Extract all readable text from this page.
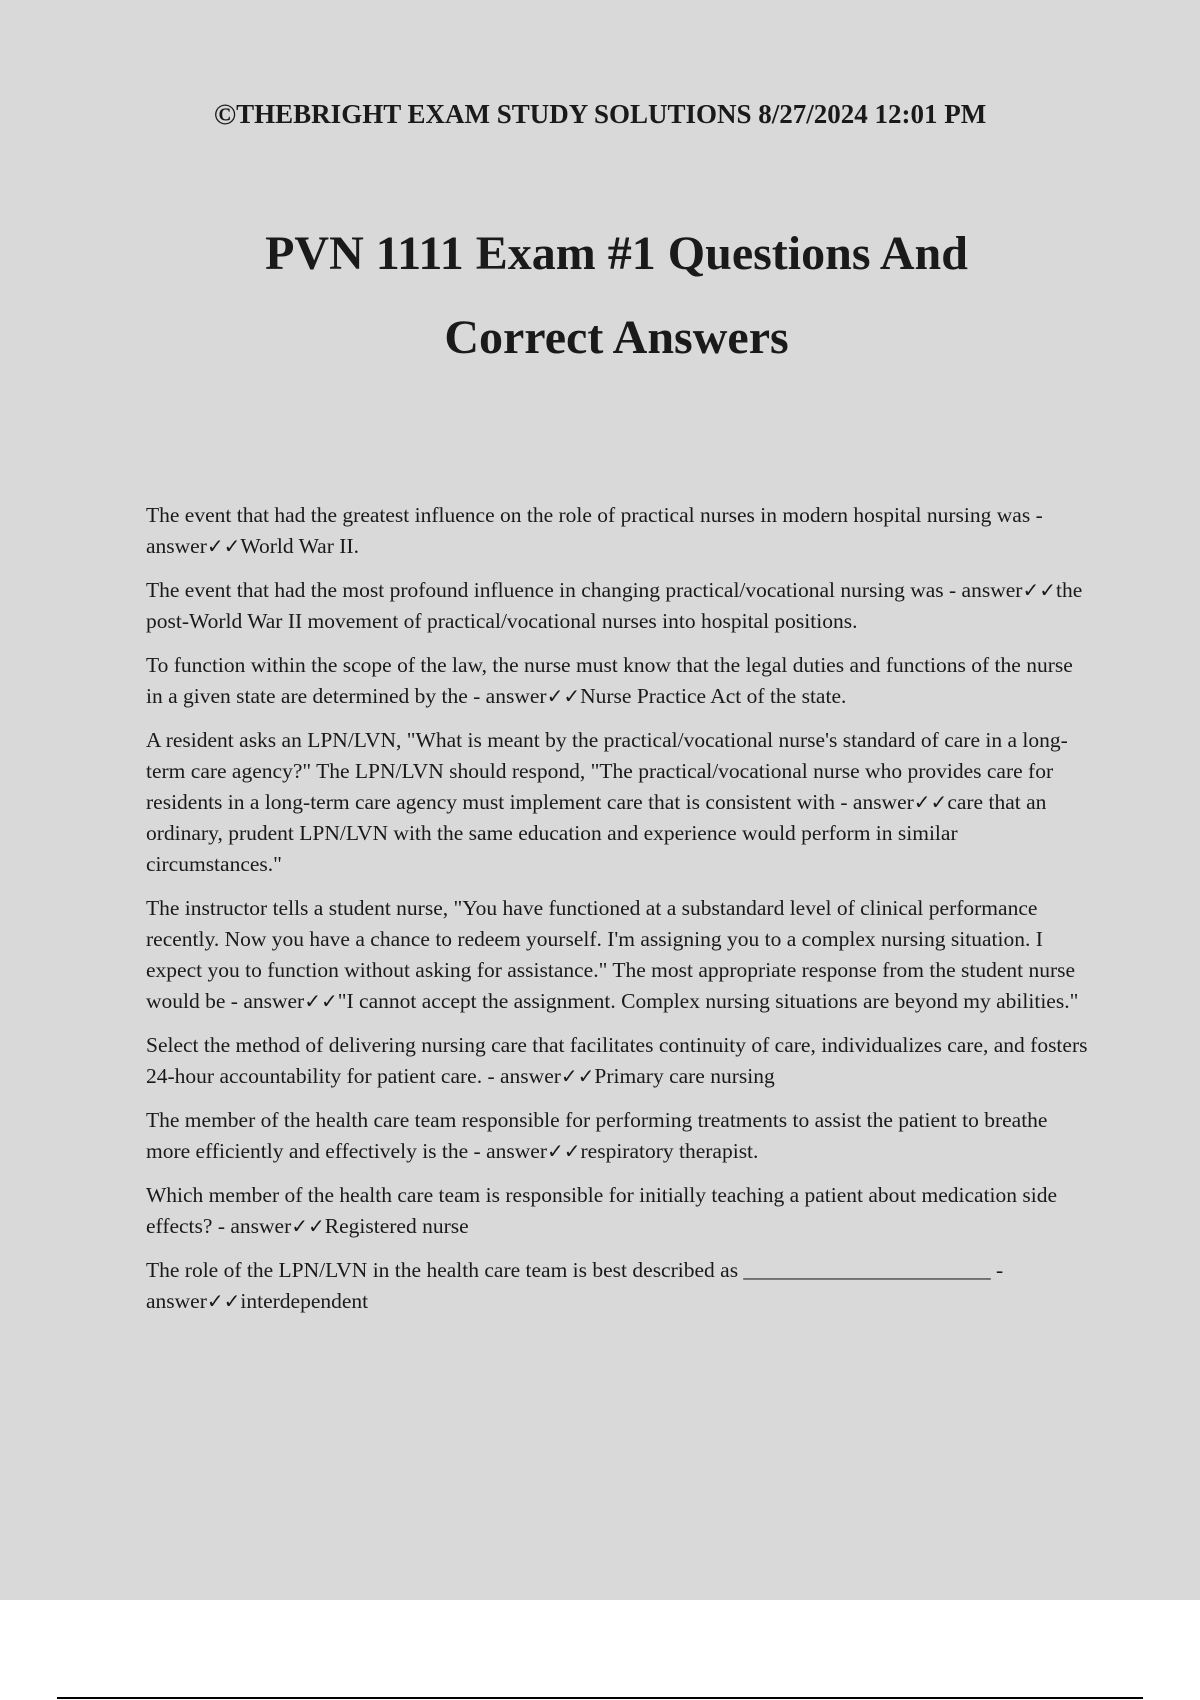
©THEBRIGHT EXAM STUDY SOLUTIONS 8/27/2024 12:01 PM
PVN 1111 Exam #1 Questions And
Correct Answers

The event that had the greatest influence on the role of practical nurses in modern hospital nursing was - answer✓✓World War II.

The event that had the most profound influence in changing practical/vocational nursing was - answer✓✓the post-World War II movement of practical/vocational nurses into hospital positions.

To function within the scope of the law, the nurse must know that the legal duties and functions of the nurse in a given state are determined by the - answer✓✓Nurse Practice Act of the state.

A resident asks an LPN/LVN, "What is meant by the practical/vocational nurse's standard of care in a long-term care agency?" The LPN/LVN should respond, "The practical/vocational nurse who provides care for residents in a long-term care agency must implement care that is consistent with - answer✓✓care that an ordinary, prudent LPN/LVN with the same education and experience would perform in similar circumstances."

The instructor tells a student nurse, "You have functioned at a substandard level of clinical performance recently. Now you have a chance to redeem yourself. I'm assigning you to a complex nursing situation. I expect you to function without asking for assistance." The most appropriate response from the student nurse would be - answer✓✓"I cannot accept the assignment. Complex nursing situations are beyond my abilities."

Select the method of delivering nursing care that facilitates continuity of care, individualizes care, and fosters 24-hour accountability for patient care. - answer✓✓Primary care nursing

The member of the health care team responsible for performing treatments to assist the patient to breathe more efficiently and effectively is the - answer✓✓respiratory therapist.

Which member of the health care team is responsible for initially teaching a patient about medication side effects? - answer✓✓Registered nurse

The role of the LPN/LVN in the health care team is best described as _______________________ - answer✓✓interdependent
